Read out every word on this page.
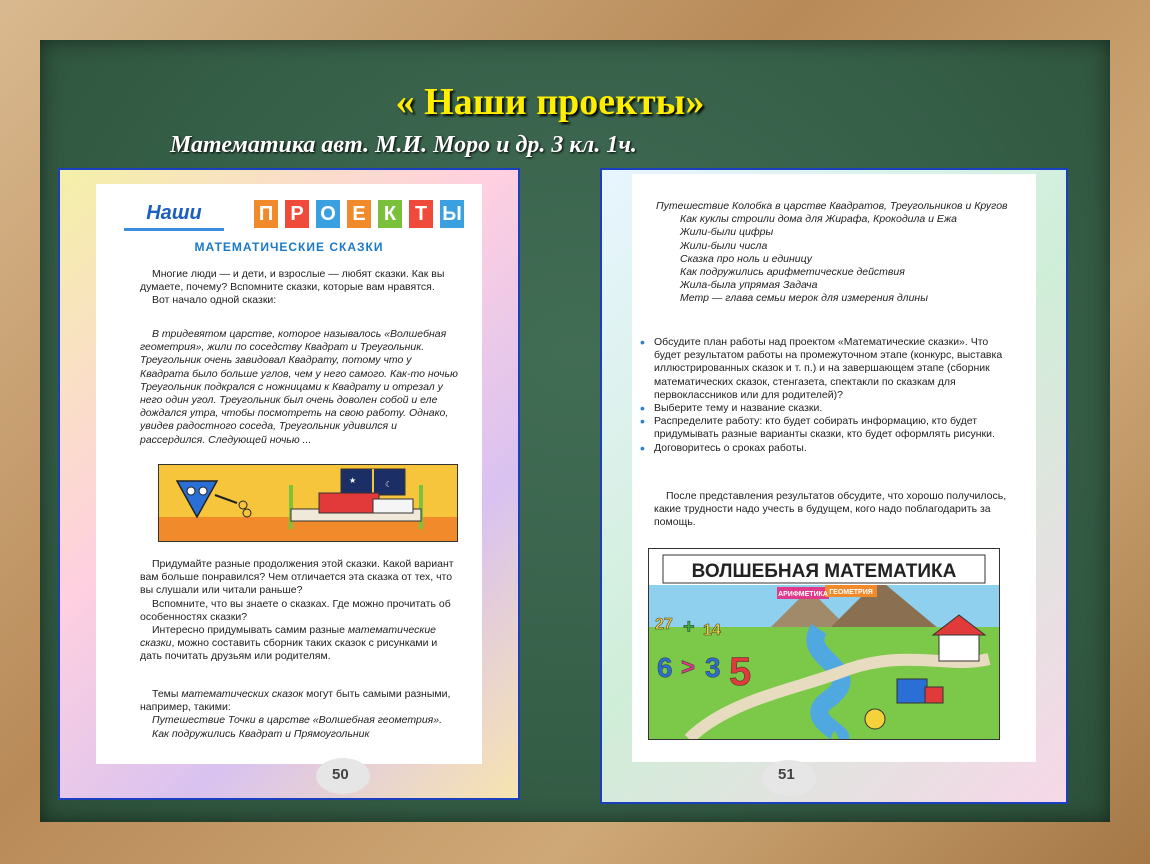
« Наши проекты»
Математика авт. М.И. Моро и др. 3 кл. 1ч.
Наши	П Р О Е К Т Ы
МАТЕМАТИЧЕСКИЕ СКАЗКИ
Многие люди — и дети, и взрослые — любят сказки. Как вы думаете, почему? Вспомните сказки, которые вам нравятся.
Вот начало одной сказки:
В тридевятом царстве, которое называлось «Волшебная геометрия», жили по соседству Квадрат и Треугольник. Треугольник очень завидовал Квадрату, потому что у Квадрата было больше углов, чем у него самого. Как-то ночью Треугольник подкрался с ножницами к Квадрату и отрезал у него один угол. Треугольник был очень доволен собой и еле дождался утра, чтобы посмотреть на свою работу. Однако, увидев радостного соседа, Треугольник удивился и рассердился. Следующей ночью ...
★	☾
Придумайте разные продолжения этой сказки. Какой вариант вам больше понравился? Чем отличается эта сказка от тех, что вы слушали или читали раньше?
Вспомните, что вы знаете о сказках. Где можно прочитать об особенностях сказки?
Интересно придумывать самим разные математические сказки, можно составить сборник таких сказок с рисунками и дать почитать друзьям или родителям.
Темы математических сказок могут быть самыми разными, например, такими:
Путешествие Точки в царстве «Волшебная геометрия».
Как подружились Квадрат и Прямоугольник
50
Путешествие Колобка в царстве Квадратов, Треугольников и Кругов
Как куклы строили дома для Жирафа, Крокодила и Ежа
Жили-были цифры
Жили-были числа
Сказка про ноль и единицу
Как подружились арифметические действия
Жила-была упрямая Задача
Метр — глава семьи мерок для измерения длины
• Обсудите план работы над проектом «Математические сказки». Что будет результатом работы на промежуточном этапе (конкурс, выставка иллюстрированных сказок и т. п.) и на завершающем этапе (сборник математических сказок, стенгазета, спектакли по сказкам для первоклассников или для родителей)?
• Выберите тему и название сказки.
• Распределите работу: кто будет собирать информацию, кто будет придумывать разные варианты сказки, кто будет оформлять рисунки.
• Договоритесь о сроках работы.
После представления результатов обсудите, что хорошо получилось, какие трудности надо учесть в будущем, кого надо поблагодарить за помощь.
ВОЛШЕБНАЯ МАТЕМАТИКА
АРИФМЕТИКА ГЕОМЕТРИЯ
27 + 14
6 > 3 5
51
